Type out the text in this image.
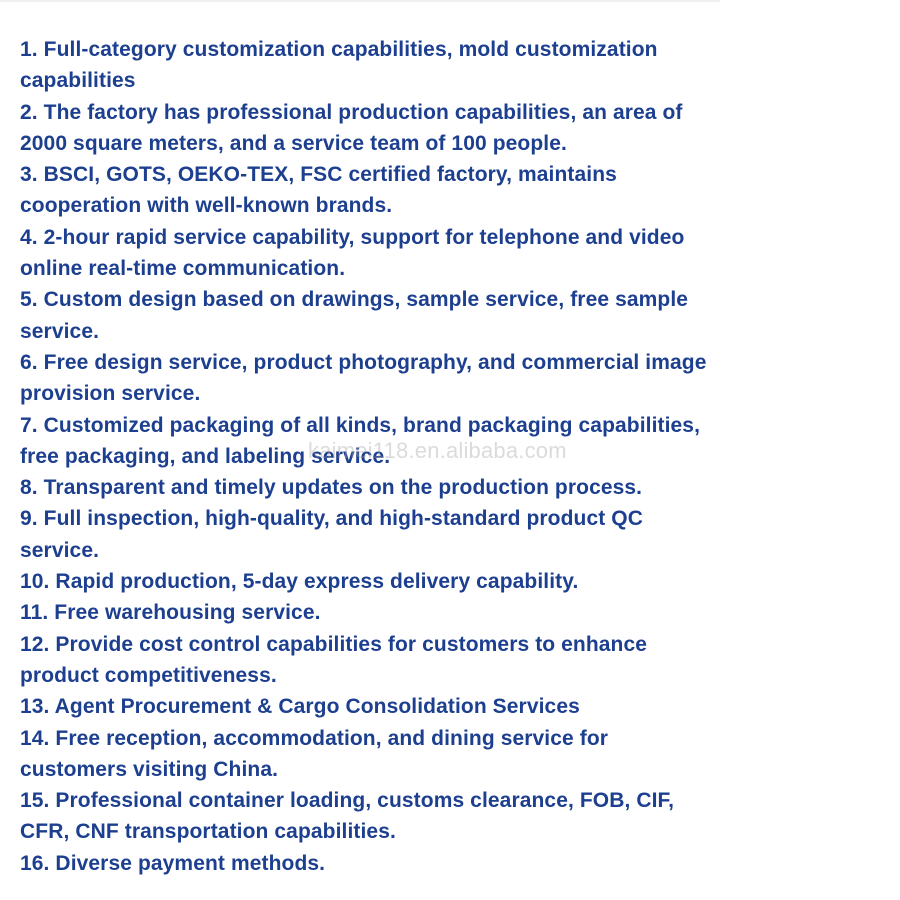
1. Full-category customization capabilities, mold customization capabilities
2. The factory has professional production capabilities, an area of 2000 square meters, and a service team of 100 people.
3. BSCI, GOTS, OEKO-TEX, FSC certified factory, maintains cooperation with well-known brands.
4. 2-hour rapid service capability, support for telephone and video online real-time communication.
5. Custom design based on drawings, sample service, free sample service.
6. Free design service, product photography, and commercial image provision service.
7. Customized packaging of all kinds, brand packaging capabilities, free packaging, and labeling service.
8. Transparent and timely updates on the production process.
9. Full inspection, high-quality, and high-standard product QC service.
10. Rapid production, 5-day express delivery capability.
11. Free warehousing service.
12. Provide cost control capabilities for customers to enhance product competitiveness.
13. Agent Procurement & Cargo Consolidation Services
14. Free reception, accommodation, and dining service for customers visiting China.
15. Professional container loading, customs clearance, FOB, CIF, CFR, CNF transportation capabilities.
16. Diverse payment methods.
kaimei118.en.alibaba.com
